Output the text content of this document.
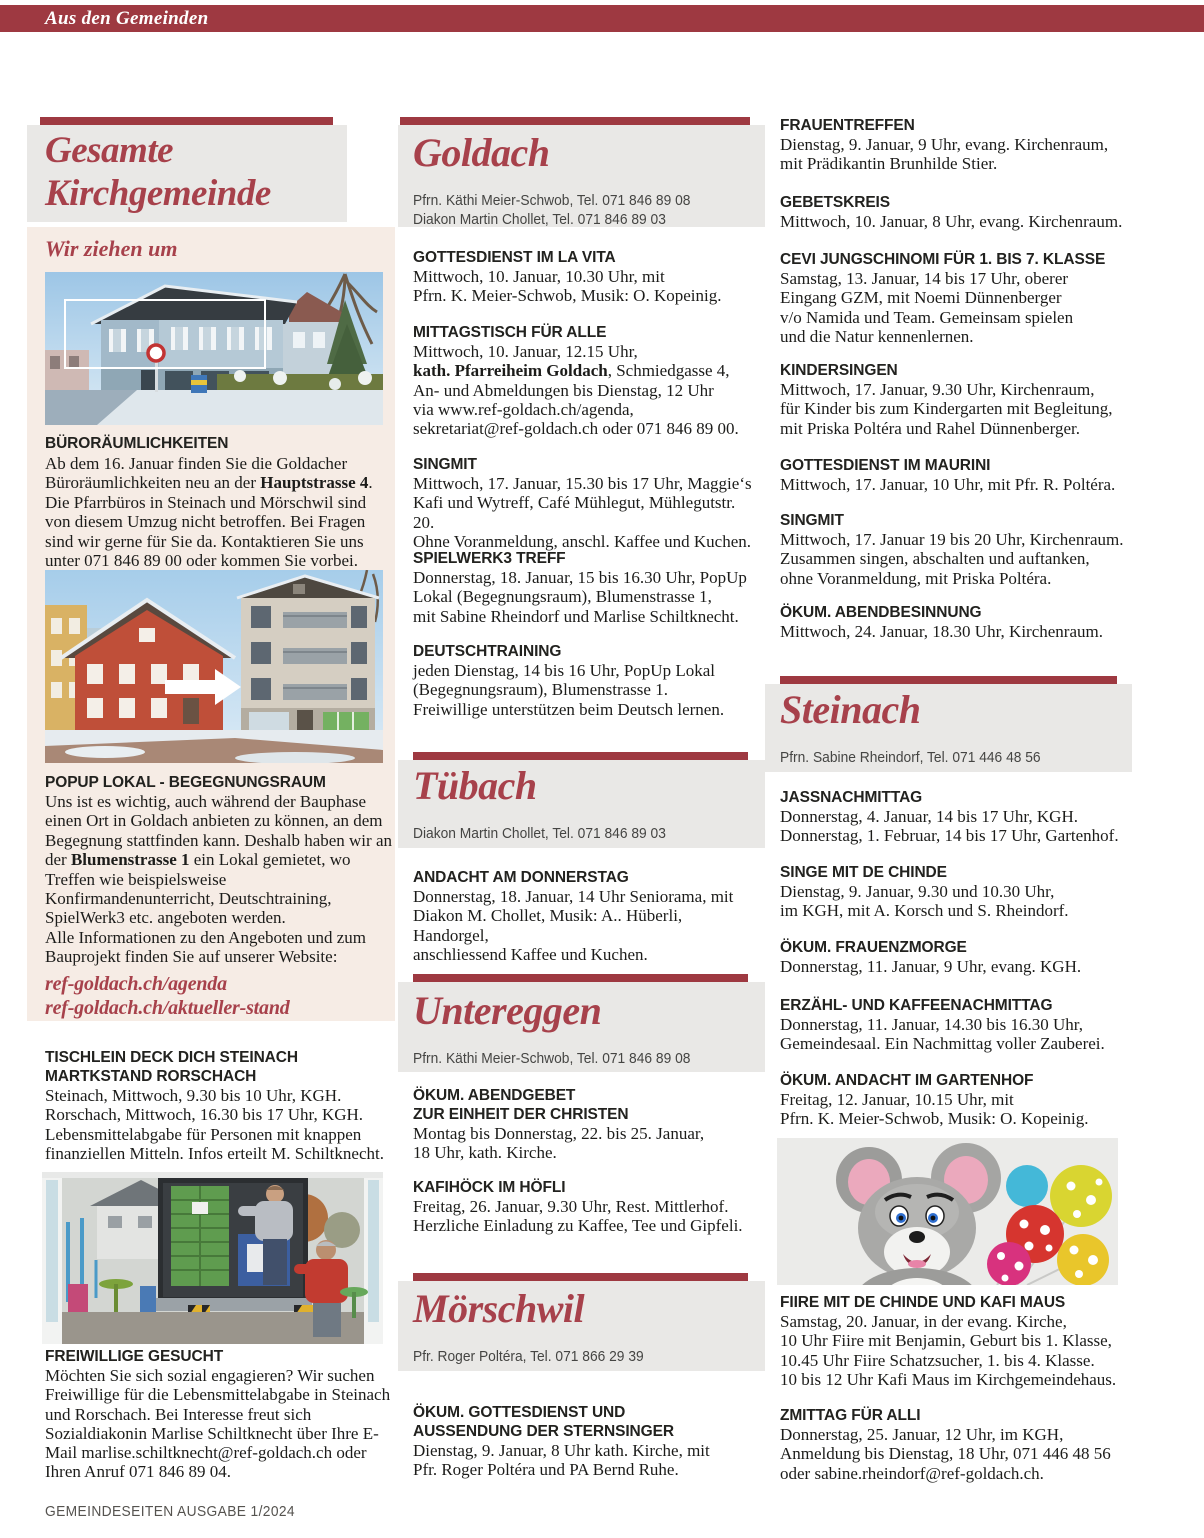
Aus den Gemeinden
Gesamte
Kirchgemeinde
Wir ziehen um
BÜRORÄUMLICHKEITEN

Ab dem 16. Januar finden Sie die Goldacher Büroräumlichkeiten neu an der Hauptstrasse 4. Die Pfarrbüros in Steinach und Mörschwil sind von diesem Umzug nicht betroffen. Bei Fragen sind wir gerne für Sie da. Kontaktieren Sie uns unter 071 846 89 00 oder kommen Sie vorbei.

POPUP LOKAL - BEGEGNUNGSRAUM

Uns ist es wichtig, auch während der Bauphase einen Ort in Goldach anbieten zu können, an dem Begegnung stattfinden kann. Deshalb haben wir an der Blumenstrasse 1 ein Lokal gemietet, wo Treffen wie beispielsweise Konfirmandenunterricht, Deutschtraining, SpielWerk3 etc. angeboten werden.
Alle Informationen zu den Angeboten und zum Bauprojekt finden Sie auf unserer Website:

ref-goldach.ch/agenda
ref-goldach.ch/aktueller-stand
TISCHLEIN DECK DICH STEINACH
MARTKSTAND RORSCHACH

Steinach, Mittwoch, 9.30 bis 10 Uhr, KGH.

Rorschach, Mittwoch, 16.30 bis 17 Uhr, KGH.

Lebensmittelabgabe für Personen mit knappen

finanziellen Mitteln. Infos erteilt M. Schiltknecht.

FREIWILLIGE GESUCHT

Möchten Sie sich sozial engagieren? Wir suchen Freiwillige für die Lebensmittelabgabe in Steinach und Rorschach. Bei Interesse freut sich Sozialdiakonin Marlise Schiltknecht über Ihre E-Mail marlise.schiltknecht@ref-goldach.ch oder Ihren Anruf 071 846 89 04.

GEMEINDESEITEN AUSGABE 1/2024
Goldach
Pfrn. Käthi Meier-Schwob, Tel. 071 846 89 08
Diakon Martin Chollet, Tel. 071 846 89 03
GOTTESDIENST IM LA VITA

Mittwoch, 10. Januar, 10.30 Uhr, mit

Pfrn. K. Meier-Schwob, Musik: O. Kopeinig.

MITTAGSTISCH FÜR ALLE

Mittwoch, 10. Januar, 12.15 Uhr,

kath. Pfarreiheim Goldach, Schmiedgasse 4,

An- und Abmeldungen bis Dienstag, 12 Uhr

via www.ref-goldach.ch/agenda,

sekretariat@ref-goldach.ch oder 071 846 89 00.

SINGMIT

Mittwoch, 17. Januar, 15.30 bis 17 Uhr, Maggie‘s

Kafi und Wytreff, Café Mühlegut, Mühlegutstr. 20.

Ohne Voranmeldung, anschl. Kaffee und Kuchen.

SPIELWERK3 TREFF

Donnerstag, 18. Januar, 15 bis 16.30 Uhr, PopUp

Lokal (Begegnungsraum), Blumenstrasse 1,

mit Sabine Rheindorf und Marlise Schiltknecht.

DEUTSCHTRAINING

jeden Dienstag, 14 bis 16 Uhr, PopUp Lokal

(Begegnungsraum), Blumenstrasse 1.

Freiwillige unterstützen beim Deutsch lernen.

Tübach
Diakon Martin Chollet, Tel. 071 846 89 03
ANDACHT AM DONNERSTAG

Donnerstag, 18. Januar, 14 Uhr Seniorama, mit

Diakon M. Chollet, Musik: A.. Hüberli, Handorgel,

anschliessend Kaffee und Kuchen.

Untereggen
Pfrn. Käthi Meier-Schwob, Tel. 071 846 89 08
ÖKUM. ABENDGEBET
ZUR EINHEIT DER CHRISTEN

Montag bis Donnerstag, 22. bis 25. Januar,

18 Uhr, kath. Kirche.

KAFIHÖCK IM HÖFLI

Freitag, 26. Januar, 9.30 Uhr, Rest. Mittlerhof.

Herzliche Einladung zu Kaffee, Tee und Gipfeli.

Mörschwil
Pfr. Roger Poltéra, Tel. 071 866 29 39
ÖKUM. GOTTESDIENST UND
AUSSENDUNG DER STERNSINGER

Dienstag, 9. Januar, 8 Uhr kath. Kirche, mit

Pfr. Roger Poltéra und PA Bernd Ruhe.

FRAUENTREFFEN

Dienstag, 9. Januar, 9 Uhr, evang. Kirchenraum,

mit Prädikantin Brunhilde Stier.

GEBETSKREIS

Mittwoch, 10. Januar, 8 Uhr, evang. Kirchenraum.

CEVI JUNGSCHINOMI FÜR 1. BIS 7. KLASSE

Samstag, 13. Januar, 14 bis 17 Uhr, oberer

Eingang GZM, mit Noemi Dünnenberger

v/o Namida und Team. Gemeinsam spielen

und die Natur kennenlernen.

KINDERSINGEN

Mittwoch, 17. Januar, 9.30 Uhr, Kirchenraum,

für Kinder bis zum Kindergarten mit Begleitung,

mit Priska Poltéra und Rahel Dünnenberger.

GOTTESDIENST IM MAURINI

Mittwoch, 17. Januar, 10 Uhr, mit Pfr. R. Poltéra.

SINGMIT

Mittwoch, 17. Januar 19 bis 20 Uhr, Kirchenraum.

Zusammen singen, abschalten und auftanken,

ohne Voranmeldung, mit Priska Poltéra.

ÖKUM. ABENDBESINNUNG

Mittwoch, 24. Januar, 18.30 Uhr, Kirchenraum.

Steinach
Pfrn. Sabine Rheindorf, Tel. 071 446 48 56
JASSNACHMITTAG

Donnerstag, 4. Januar, 14 bis 17 Uhr, KGH.

Donnerstag, 1. Februar, 14 bis 17 Uhr, Gartenhof.

SINGE MIT DE CHINDE

Dienstag, 9. Januar, 9.30 und 10.30 Uhr,

im KGH, mit A. Korsch und S. Rheindorf.

ÖKUM. FRAUENZMORGE

Donnerstag, 11. Januar, 9 Uhr, evang. KGH.

ERZÄHL- UND KAFFEENACHMITTAG

Donnerstag, 11. Januar, 14.30 bis 16.30 Uhr,

Gemeindesaal. Ein Nachmittag voller Zauberei.

ÖKUM. ANDACHT IM GARTENHOF

Freitag, 12. Januar, 10.15 Uhr, mit

Pfrn. K. Meier-Schwob, Musik: O. Kopeinig.

FIIRE MIT DE CHINDE UND KAFI MAUS

Samstag, 20. Januar, in der evang. Kirche,

10 Uhr Fiire mit Benjamin, Geburt bis 1. Klasse,

10.45 Uhr Fiire Schatzsucher, 1. bis 4. Klasse.

10 bis 12 Uhr Kafi Maus im Kirchgemeindehaus.

ZMITTAG FÜR ALLI

Donnerstag, 25. Januar, 12 Uhr, im KGH,

Anmeldung bis Dienstag, 18 Uhr, 071 446 48 56

oder sabine.rheindorf@ref-goldach.ch.
